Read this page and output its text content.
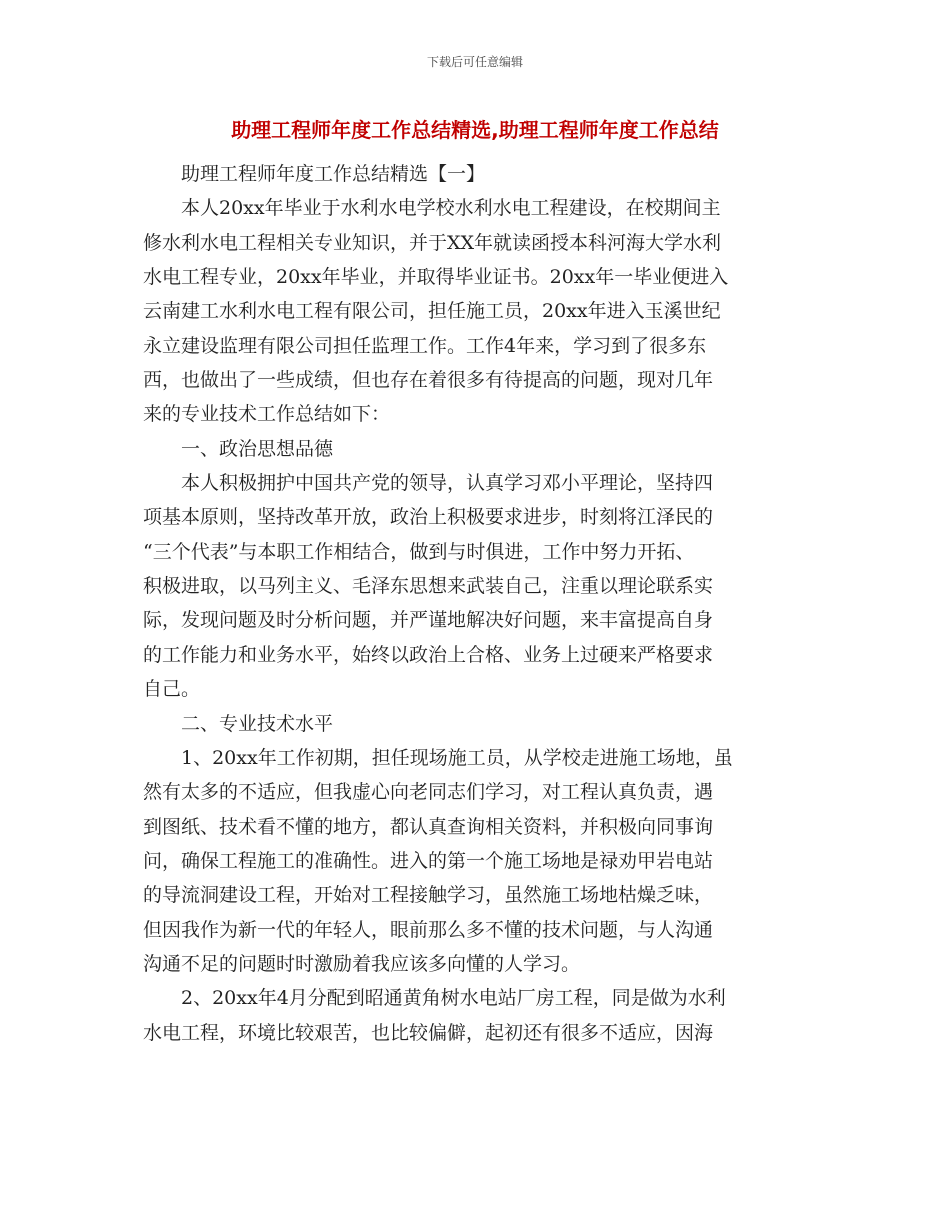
下载后可任意编辑
助理工程师年度工作总结精选,助理工程师年度工作总结
　　助理工程师年度工作总结精选【一】
　　本人20xx年毕业于水利水电学校水利水电工程建设，在校期间主
修水利水电工程相关专业知识，并于XX年就读函授本科河海大学水利
水电工程专业，20xx年毕业，并取得毕业证书。20xx年一毕业便进入
云南建工水利水电工程有限公司，担任施工员，20xx年进入玉溪世纪
永立建设监理有限公司担任监理工作。工作4年来，学习到了很多东
西，也做出了一些成绩，但也存在着很多有待提高的问题，现对几年
来的专业技术工作总结如下：
　　一、政治思想品德
　　本人积极拥护中国共产党的领导，认真学习邓小平理论，坚持四
项基本原则，坚持改革开放，政治上积极要求进步，时刻将江泽民的
“三个代表”与本职工作相结合，做到与时俱进，工作中努力开拓、
积极进取，以马列主义、毛泽东思想来武装自己，注重以理论联系实
际，发现问题及时分析问题，并严谨地解决好问题，来丰富提高自身
的工作能力和业务水平，始终以政治上合格、业务上过硬来严格要求
自己。
　　二、专业技术水平
　　1、20xx年工作初期，担任现场施工员，从学校走进施工场地，虽
然有太多的不适应，但我虚心向老同志们学习，对工程认真负责，遇
到图纸、技术看不懂的地方，都认真查询相关资料，并积极向同事询
问，确保工程施工的准确性。进入的第一个施工场地是禄劝甲岩电站
的导流洞建设工程，开始对工程接触学习，虽然施工场地枯燥乏味，
但因我作为新一代的年轻人，眼前那么多不懂的技术问题，与人沟通
沟通不足的问题时时激励着我应该多向懂的人学习。
　　2、20xx年4月分配到昭通黄角树水电站厂房工程，同是做为水利
水电工程，环境比较艰苦，也比较偏僻，起初还有很多不适应，因海
